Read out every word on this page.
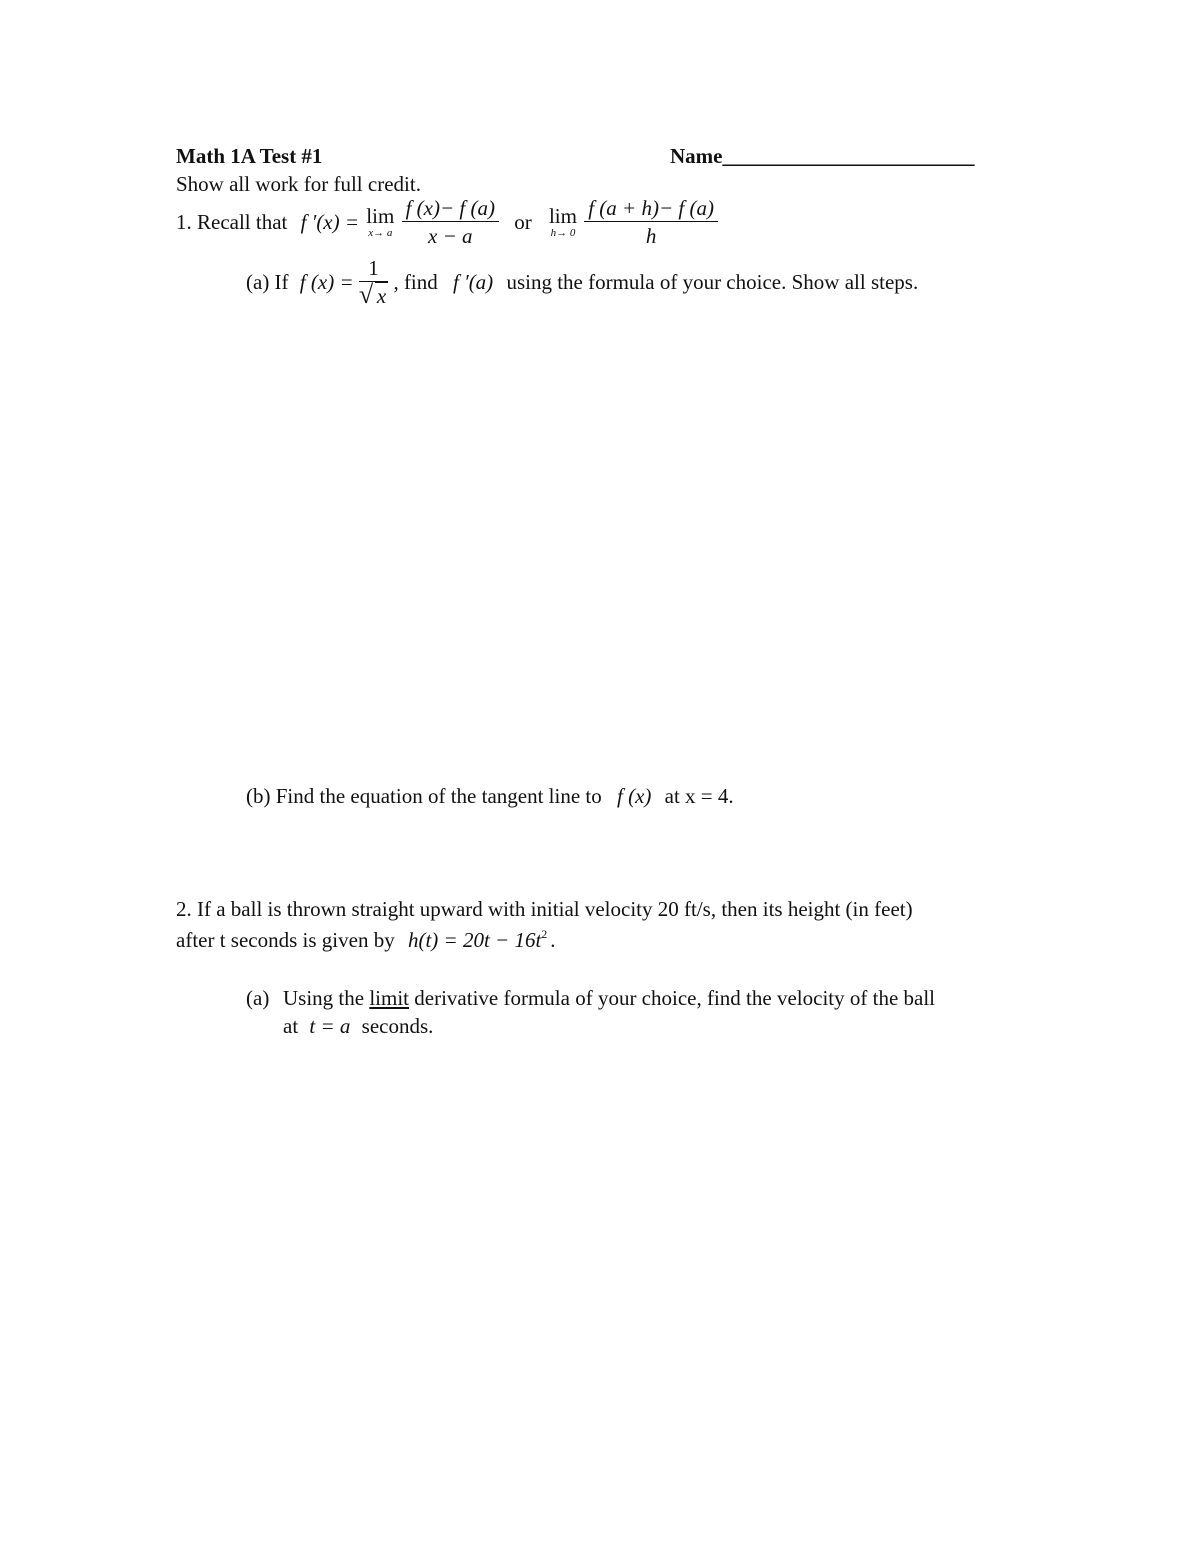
Math 1A Test #1	Name________________________
Show all work for full credit.
1. Recall that f ′(x) = lim
x→ a
$\frac{f (x)- f (a)}{x - a}$ or lim
h→ 0
$\frac{f (a + h)- f (a)}{h}$
(a) If f $(x) = \frac{1}{√ x}$ , find f ′(a) using the formula of your choice. Show all steps.
(b) Find the equation of the tangent line to f (x) at x = 4.
2. If a ball is thrown straight upward with initial velocity 20 ft/s, then its height (in feet)
after t seconds is given by $h(t) = 20t - 16t^2$ .
(a) Using the limit derivative formula of your choice, find the velocity of the ball
at t = a seconds.
